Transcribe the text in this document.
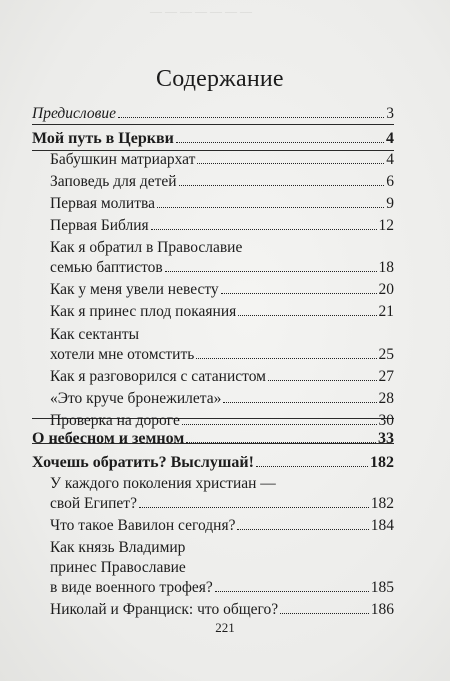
— — — — — — —
Содержание
Предисловие	3
Мой путь в Церкви	4
Бабушкин матриархат	4
Заповедь для детей	6
Первая молитва	9
Первая Библия	12
Как я обратил в Православие
семью баптистов	18
Как у меня увели невесту	20
Как я принес плод покаяния	21
Как сектанты
хотели мне отомстить	25
Как я разговорился с сатанистом	27
«Это круче бронежилета»	28
Проверка на дороге	30
О небесном и земном	33
Хочешь обратить? Выслушай!	182
У каждого поколения христиан —
свой Египет?	182
Что такое Вавилон сегодня?	184
Как князь Владимир
принес Православие
в виде военного трофея?	185
Николай и Франциск: что общего?	186
221
